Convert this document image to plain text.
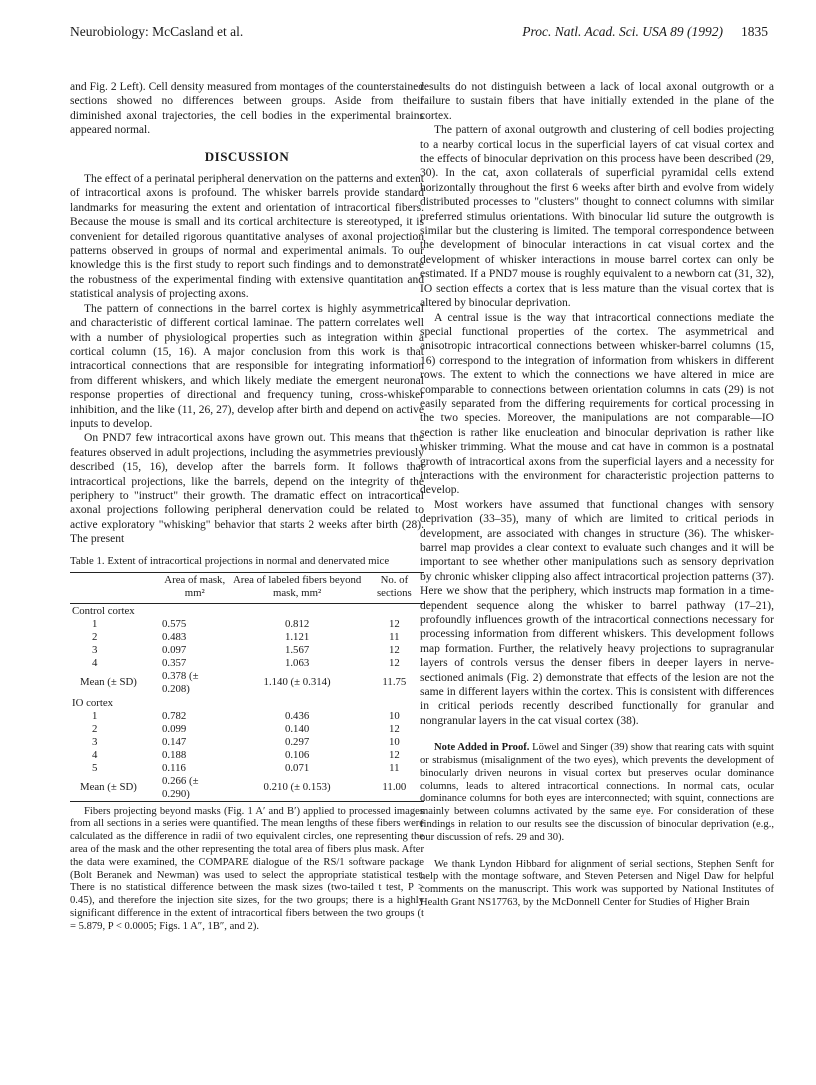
Neurobiology: McCasland et al.	Proc. Natl. Acad. Sci. USA 89 (1992) 1835

and Fig. 2 Left). Cell density measured from montages of the counterstained sections showed no differences between groups. Aside from their diminished axonal trajectories, the cell bodies in the experimental brains appeared normal.

DISCUSSION

The effect of a perinatal peripheral denervation on the patterns and extent of intracortical axons is profound. The whisker barrels provide standard landmarks for measuring the extent and orientation of intracortical fibers. Because the mouse is small and its cortical architecture is stereotyped, it is convenient for detailed rigorous quantitative analyses of axonal projection patterns observed in groups of normal and experimental animals. To our knowledge this is the first study to report such findings and to demonstrate the robustness of the experimental finding with extensive quantitation and statistical analysis of projecting axons.

The pattern of connections in the barrel cortex is highly asymmetrical and characteristic of different cortical laminae. The pattern correlates well with a number of physiological properties such as integration within a cortical column (15, 16). A major conclusion from this work is that intracortical connections that are responsible for integrating information from different whiskers, and which likely mediate the emergent neuronal response properties of directional and frequency tuning, cross-whisker inhibition, and the like (11, 26, 27), develop after birth and depend on active inputs to develop.

On PND7 few intracortical axons have grown out. This means that the features observed in adult projections, including the asymmetries previously described (15, 16), develop after the barrels form. It follows that intracortical projections, like the barrels, depend on the integrity of the periphery to "instruct" their growth. The dramatic effect on intracortical axonal projections following peripheral denervation could be related to active exploratory "whisking" behavior that starts 2 weeks after birth (28). The present

Table 1. Extent of intracortical projections in normal and denervated mice
	Area of mask, mm²	Area of labeled fibers beyond mask, mm²	No. of sections
Control cortex			
1	0.575	0.812	12
2	0.483	1.121	11
3	0.097	1.567	12
4	0.357	1.063	12
Mean (± SD)	0.378 (± 0.208)	1.140 (± 0.314)	11.75
IO cortex			
1	0.782	0.436	10
2	0.099	0.140	12
3	0.147	0.297	10
4	0.188	0.106	12
5	0.116	0.071	11
Mean (± SD)	0.266 (± 0.290)	0.210 (± 0.153)	11.00

Fibers projecting beyond masks (Fig. 1 A′ and B′) applied to processed images from all sections in a series were quantified. The mean lengths of these fibers were calculated as the difference in radii of two equivalent circles, one representing the area of the mask and the other representing the total area of fibers plus mask. After the data were examined, the COMPARE dialogue of the RS/1 software package (Bolt Beranek and Newman) was used to select the appropriate statistical test. There is no statistical difference between the mask sizes (two-tailed t test, P > 0.45), and therefore the injection site sizes, for the two groups; there is a highly significant difference in the extent of intracortical fibers between the two groups (t = 5.879, P < 0.0005; Figs. 1 A″, 1B″, and 2).

results do not distinguish between a lack of local axonal outgrowth or a failure to sustain fibers that have initially extended in the plane of the cortex.

The pattern of axonal outgrowth and clustering of cell bodies projecting to a nearby cortical locus in the superficial layers of cat visual cortex and the effects of binocular deprivation on this process have been described (29, 30). In the cat, axon collaterals of superficial pyramidal cells extend horizontally throughout the first 6 weeks after birth and evolve from widely distributed processes to "clusters" thought to connect columns with similar preferred stimulus orientations. With binocular lid suture the outgrowth is similar but the clustering is limited. The temporal correspondence between the development of binocular interactions in cat visual cortex and the development of whisker interactions in mouse barrel cortex can only be estimated. If a PND7 mouse is roughly equivalent to a newborn cat (31, 32), IO section effects a cortex that is less mature than the visual cortex that is altered by binocular deprivation.

A central issue is the way that intracortical connections mediate the special functional properties of the cortex. The asymmetrical and anisotropic intracortical connections between whisker-barrel columns (15, 16) correspond to the integration of information from whiskers in different rows. The extent to which the connections we have altered in mice are comparable to connections between orientation columns in cats (29) is not easily separated from the differing requirements for cortical processing in the two species. Moreover, the manipulations are not comparable—IO section is rather like enucleation and binocular deprivation is rather like whisker trimming. What the mouse and cat have in common is a postnatal growth of intracortical axons from the superficial layers and a necessity for interactions with the environment for characteristic projection patterns to develop.

Most workers have assumed that functional changes with sensory deprivation (33–35), many of which are limited to critical periods in development, are associated with changes in structure (36). The whisker-barrel map provides a clear context to evaluate such changes and it will be important to see whether other manipulations such as sensory deprivation by chronic whisker clipping also affect intracortical projection patterns (37). Here we show that the periphery, which instructs map formation in a time-dependent sequence along the whisker to barrel pathway (17–21), profoundly influences growth of the intracortical connections necessary for processing information from different whiskers. This development follows map formation. Further, the relatively heavy projections to supragranular layers of controls versus the denser fibers in deeper layers in nerve-sectioned animals (Fig. 2) demonstrate that effects of the lesion are not the same in different layers within the cortex. This is consistent with differences in critical periods recently described functionally for granular and nongranular layers in the cat visual cortex (38).

Note Added in Proof. Löwel and Singer (39) show that rearing cats with squint or strabismus (misalignment of the two eyes), which prevents the development of binocularly driven neurons in visual cortex but preserves ocular dominance columns, leads to altered intracortical connections. In normal cats, ocular dominance columns for both eyes are interconnected; with squint, connections are mainly between columns activated by the same eye. For consideration of these findings in relation to our results see the discussion of binocular deprivation (e.g., our discussion of refs. 29 and 30).

We thank Lyndon Hibbard for alignment of serial sections, Stephen Senft for help with the montage software, and Steven Petersen and Nigel Daw for helpful comments on the manuscript. This work was supported by National Institutes of Health Grant NS17763, by the McDonnell Center for Studies of Higher Brain
